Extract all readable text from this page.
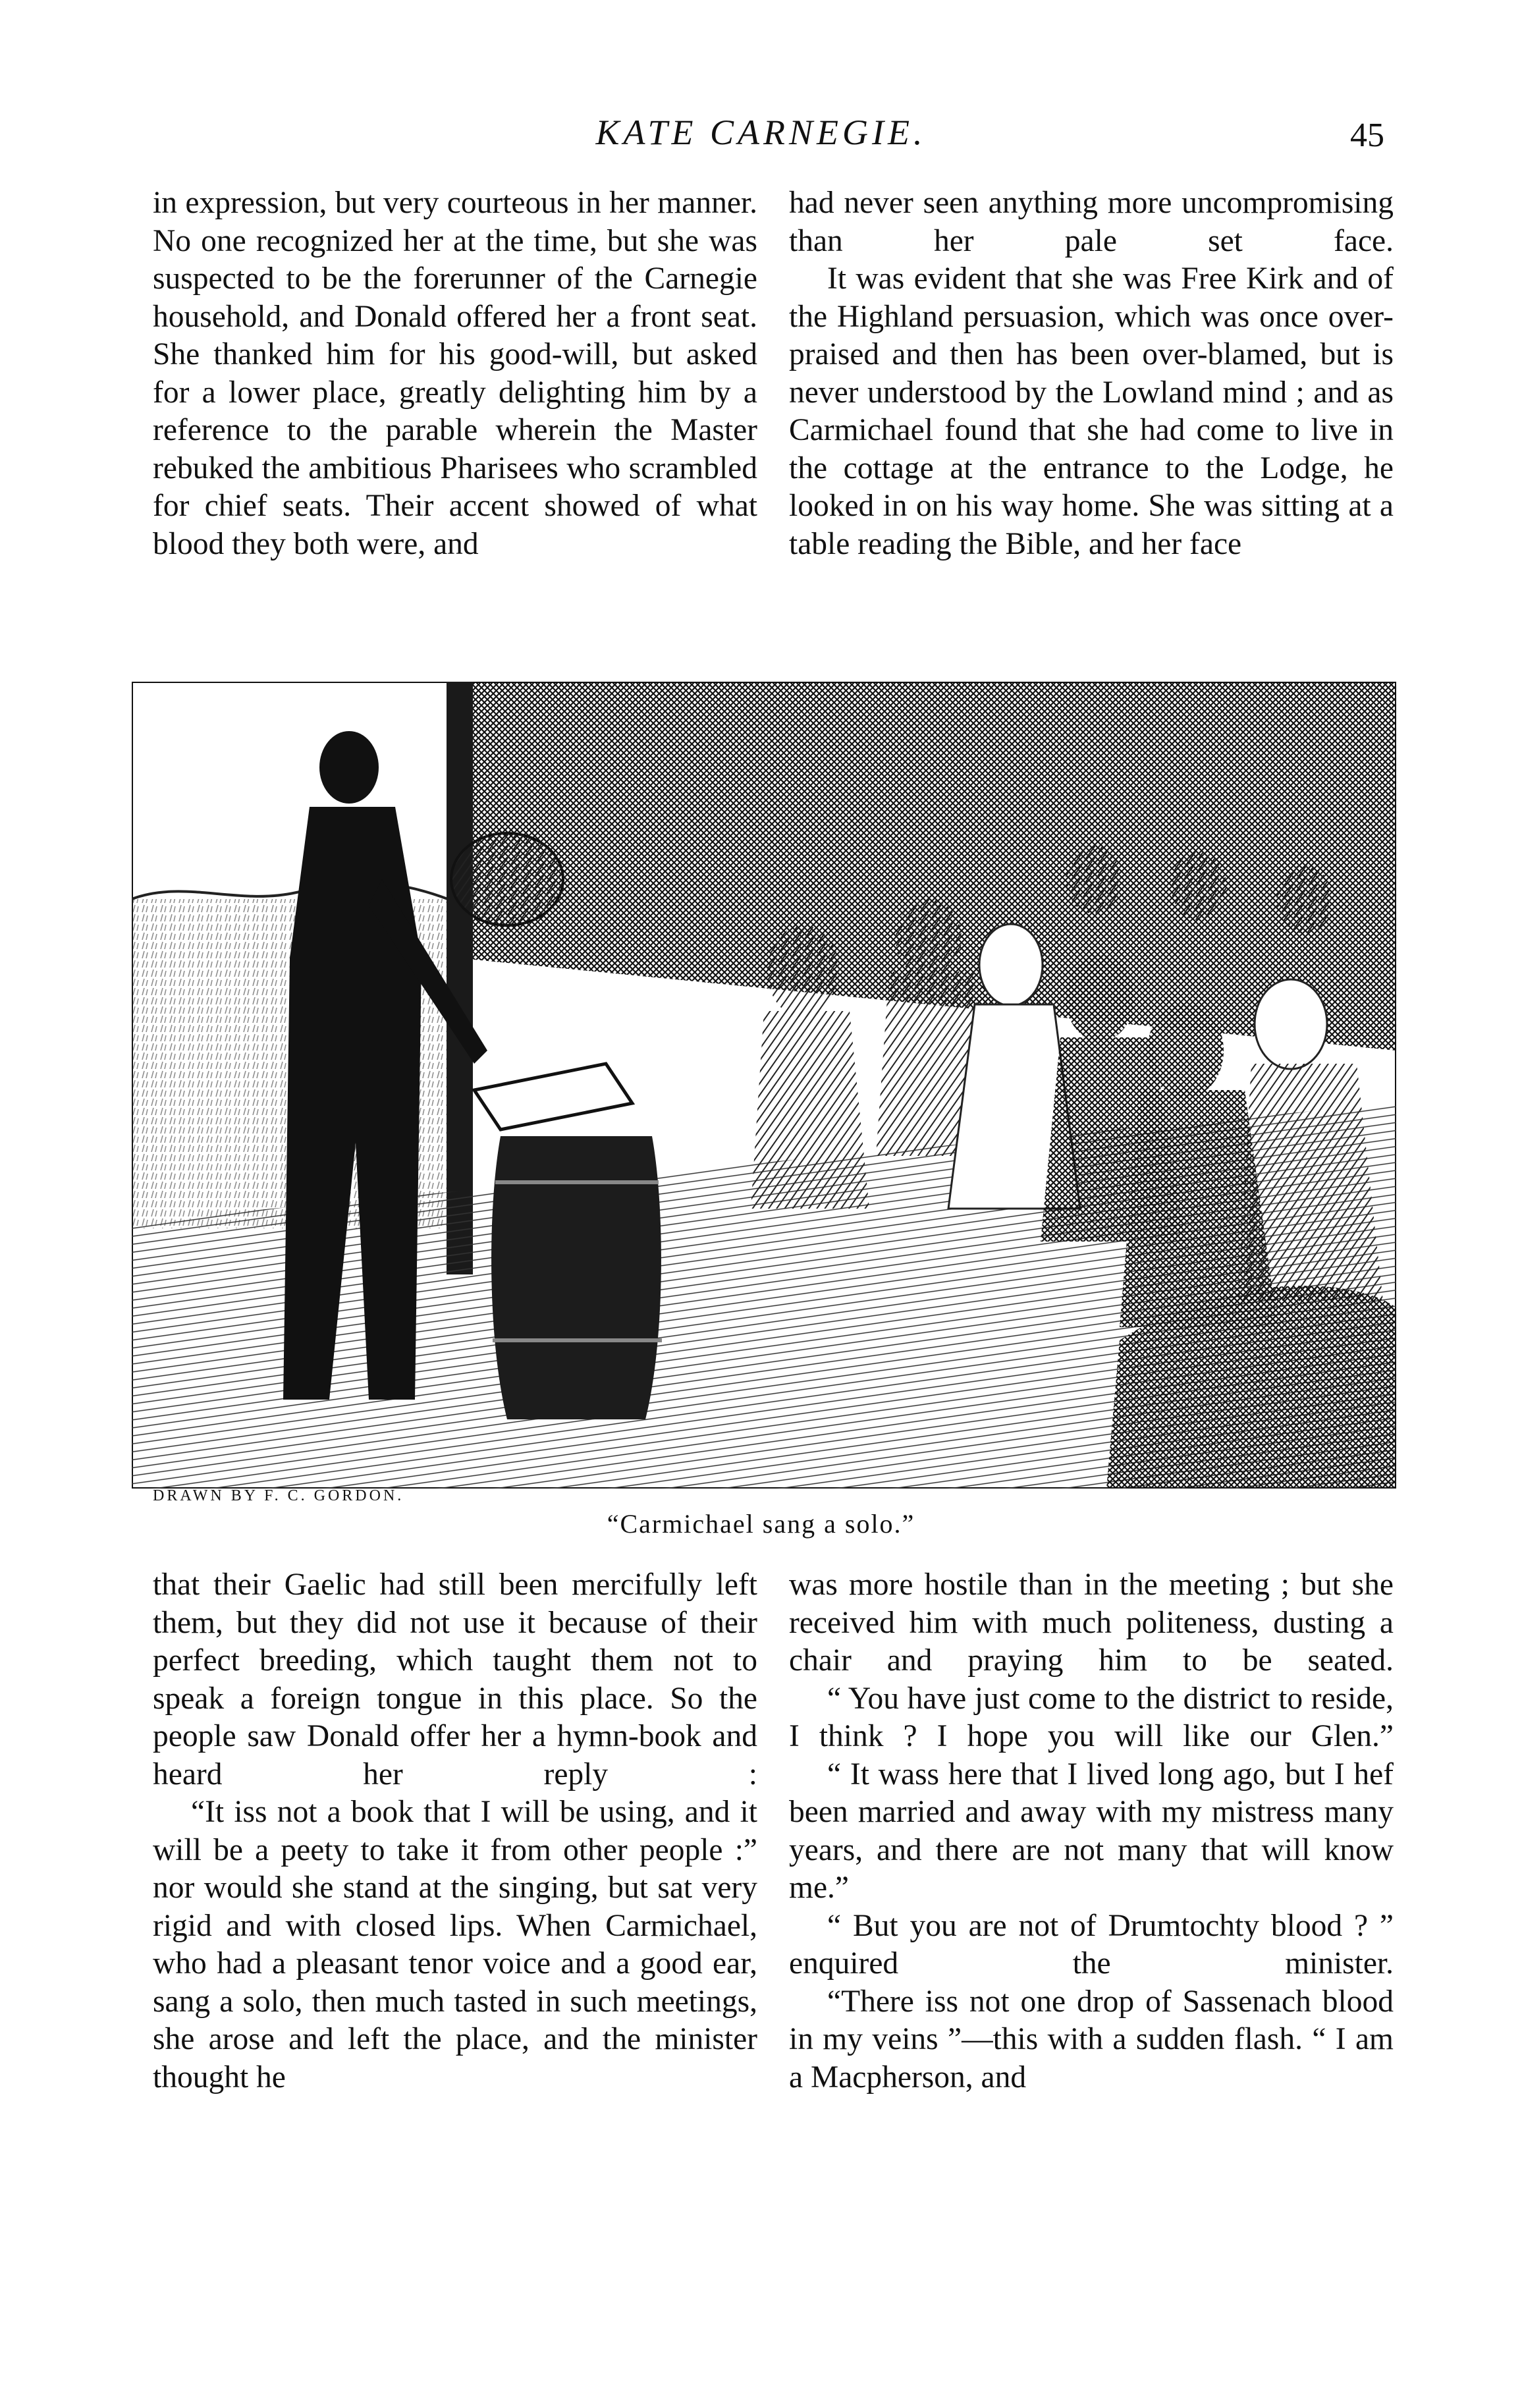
KATE CARNEGIE.	45

in expression, but very courteous in her manner. No one recognized her at the time, but she was suspected to be the forerunner of the Carnegie household, and Donald offered her a front seat. She thanked him for his good-will, but asked for a lower place, greatly delighting him by a reference to the parable wherein the Master rebuked the ambitious Pharisees who scrambled for chief seats. Their accent showed of what blood they both were, and

had never seen anything more uncompromising than her pale set face.

It was evident that she was Free Kirk and of the Highland persuasion, which was once over-praised and then has been over-blamed, but is never understood by the Lowland mind ; and as Carmichael found that she had come to live in the cottage at the entrance to the Lodge, he looked in on his way home. She was sitting at a table reading the Bible, and her face

DRAWN BY F. C. GORDON.
“Carmichael sang a solo.”

that their Gaelic had still been mercifully left them, but they did not use it because of their perfect breeding, which taught them not to speak a foreign tongue in this place. So the people saw Donald offer her a hymn-book and heard her reply :

“It iss not a book that I will be using, and it will be a peety to take it from other people :” nor would she stand at the singing, but sat very rigid and with closed lips. When Carmichael, who had a pleasant tenor voice and a good ear, sang a solo, then much tasted in such meetings, she arose and left the place, and the minister thought he

was more hostile than in the meeting ; but she received him with much politeness, dusting a chair and praying him to be seated.

“ You have just come to the district to reside, I think ? I hope you will like our Glen.”

“ It wass here that I lived long ago, but I hef been married and away with my mistress many years, and there are not many that will know me.”

“ But you are not of Drumtochty blood ? ” enquired the minister.

“There iss not one drop of Sassenach blood in my veins ”—this with a sudden flash. “ I am a Macpherson, and
